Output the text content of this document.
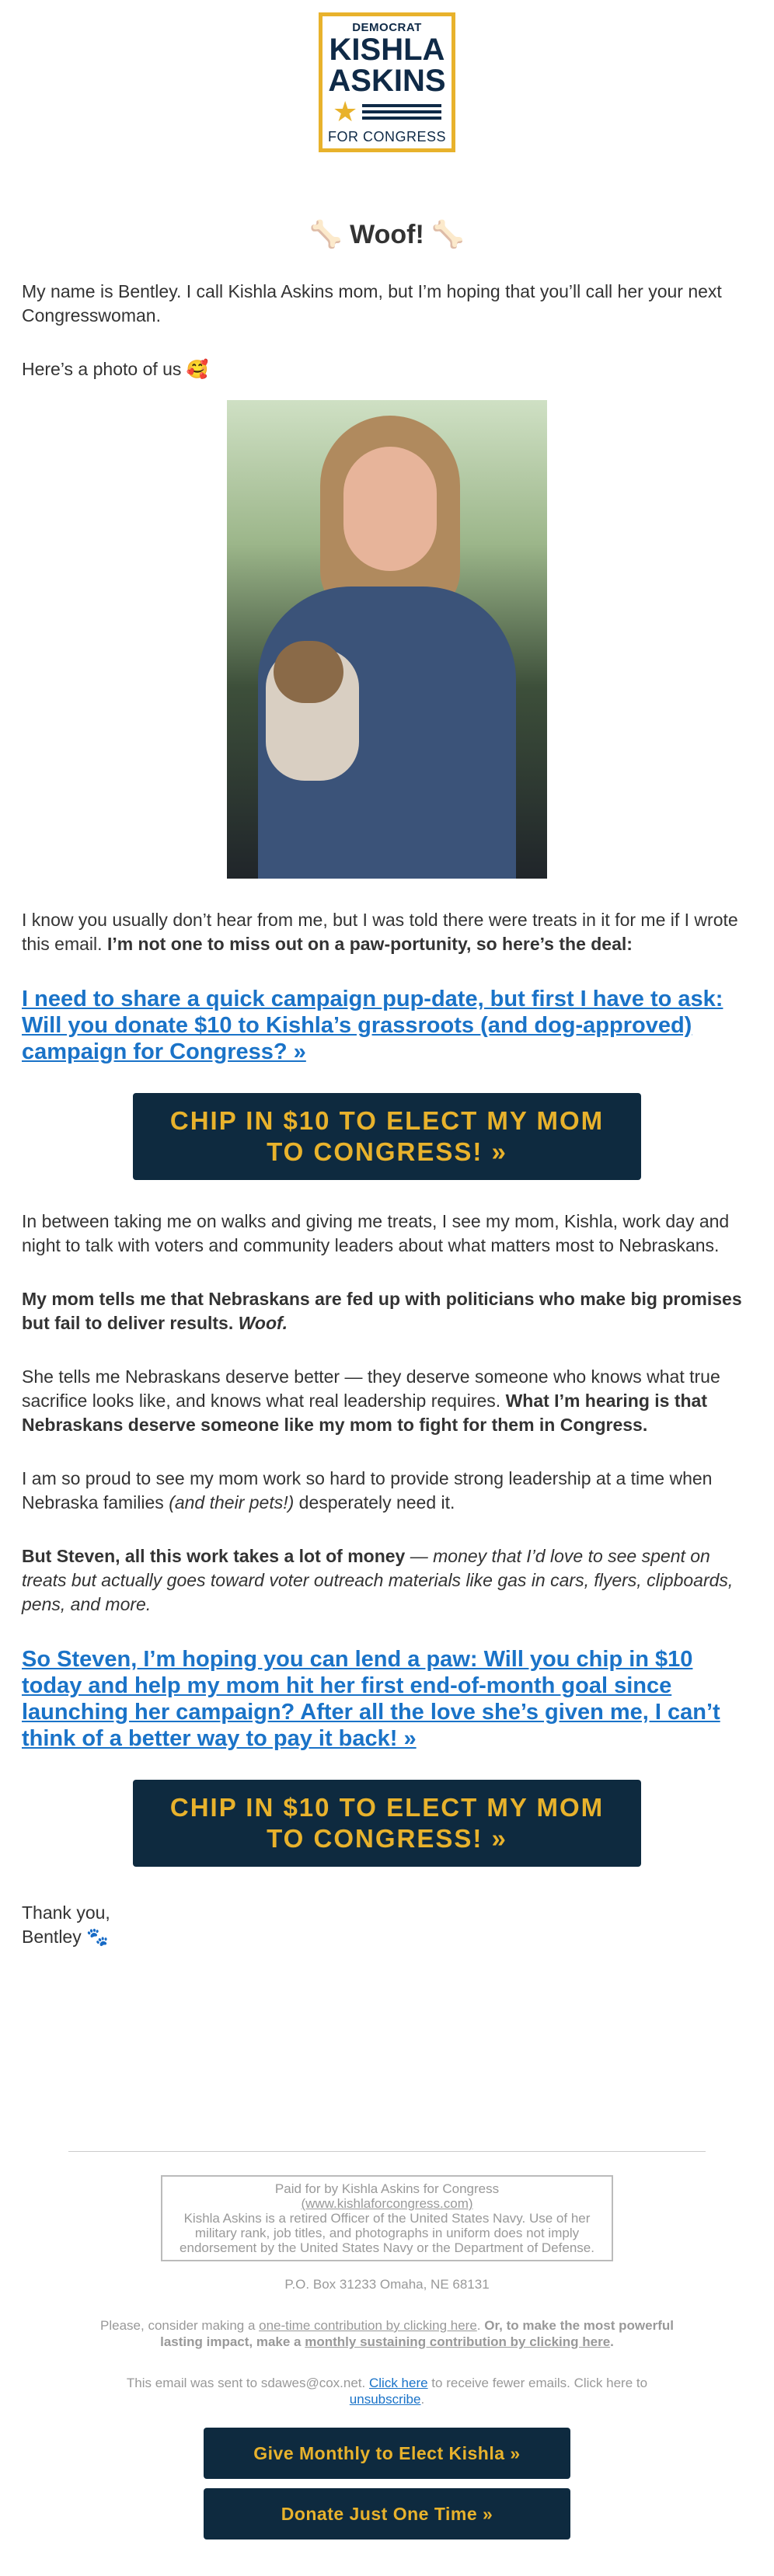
DEMOCRAT
KISHLA
ASKINS
★
FOR CONGRESS
🦴 Woof! 🦴

My name is Bentley. I call Kishla Askins mom, but I’m hoping that you’ll call her your next Congresswoman.

Here’s a photo of us 🥰

I know you usually don’t hear from me, but I was told there were treats in it for me if I wrote this email. I’m not one to miss out on a paw-portunity, so here’s the deal:

I need to share a quick campaign pup-date, but first I have to ask: Will you donate $10 to Kishla’s grassroots (and dog-approved) campaign for Congress? »
CHIP IN $10 TO ELECT MY MOM TO CONGRESS! »

In between taking me on walks and giving me treats, I see my mom, Kishla, work day and night to talk with voters and community leaders about what matters most to Nebraskans.

My mom tells me that Nebraskans are fed up with politicians who make big promises but fail to deliver results. Woof.

She tells me Nebraskans deserve better — they deserve someone who knows what true sacrifice looks like, and knows what real leadership requires. What I’m hearing is that Nebraskans deserve someone like my mom to fight for them in Congress.

I am so proud to see my mom work so hard to provide strong leadership at a time when Nebraska families (and their pets!) desperately need it.

But Steven, all this work takes a lot of money — money that I’d love to see spent on treats but actually goes toward voter outreach materials like gas in cars, flyers, clipboards, pens, and more.

So Steven, I’m hoping you can lend a paw: Will you chip in $10 today and help my mom hit her first end-of-month goal since launching her campaign? After all the love she’s given me, I can’t think of a better way to pay it back! »
CHIP IN $10 TO ELECT MY MOM TO CONGRESS! »

Thank you,

Bentley 🐾

Paid for by Kishla Askins for Congress
(www.kishlaforcongress.com)
Kishla Askins is a retired Officer of the United States Navy. Use of her military rank, job titles, and photographs in uniform does not imply endorsement by the United States Navy or the Department of Defense.
P.O. Box 31233 Omaha, NE 68131
Please, consider making a one-time contribution by clicking here. Or, to make the most powerful lasting impact, make a monthly sustaining contribution by clicking here.
This email was sent to sdawes@cox.net. Click here to receive fewer emails. Click here to
unsubscribe.
Give Monthly to Elect Kishla »
Donate Just One Time »
